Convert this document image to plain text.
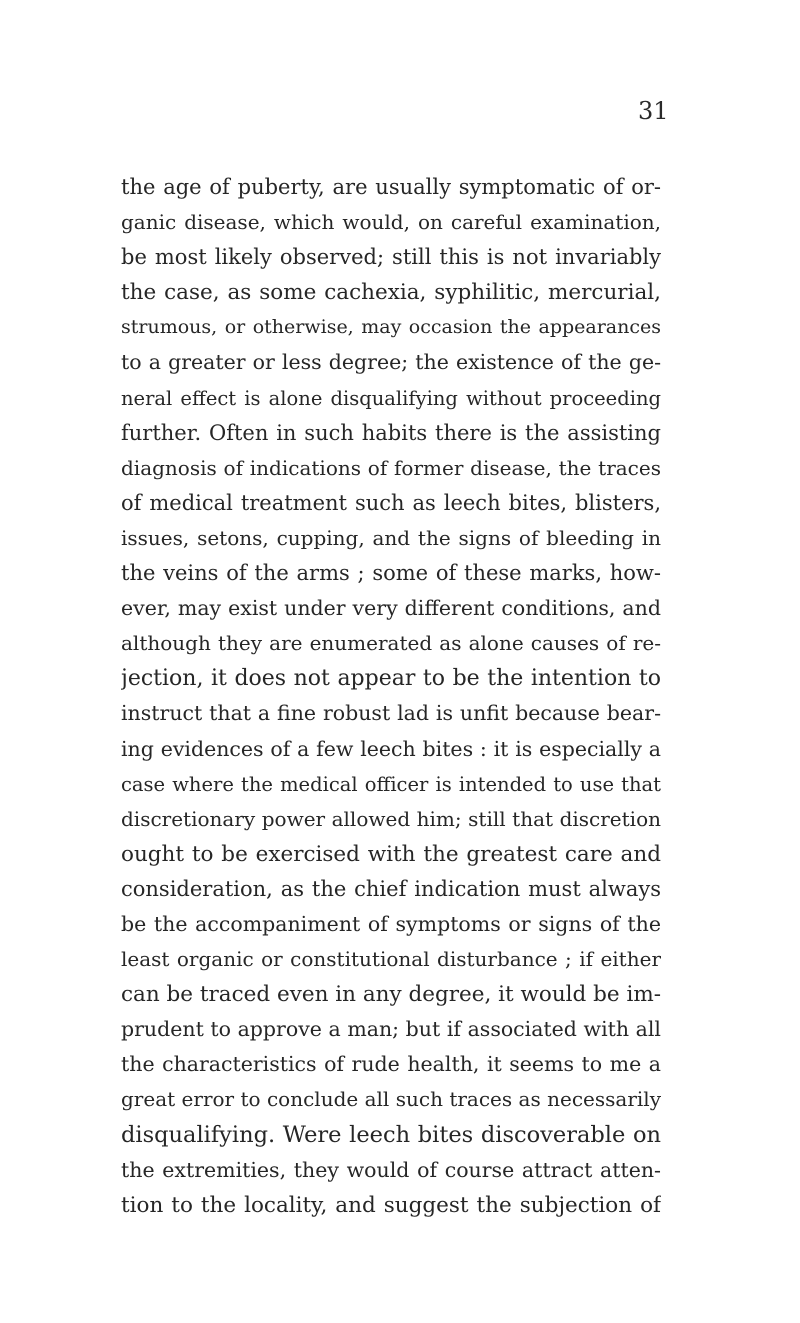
31
the age of puberty, are usually symptomatic of or-
ganic disease, which would, on careful examination,
be most likely observed; still this is not invariably
the case, as some cachexia, syphilitic, mercurial,
strumous, or otherwise, may occasion the appearances
to a greater or less degree; the existence of the ge-
neral effect is alone disqualifying without proceeding
further. Often in such habits there is the assisting
diagnosis of indications of former disease, the traces
of medical treatment such as leech bites, blisters,
issues, setons, cupping, and the signs of bleeding in
the veins of the arms ; some of these marks, how-
ever, may exist under very different conditions, and
although they are enumerated as alone causes of re-
jection, it does not appear to be the intention to
instruct that a fine robust lad is unfit because bear-
ing evidences of a few leech bites : it is especially a
case where the medical officer is intended to use that
discretionary power allowed him; still that discretion
ought to be exercised with the greatest care and
consideration, as the chief indication must always
be the accompaniment of symptoms or signs of the
least organic or constitutional disturbance ; if either
can be traced even in any degree, it would be im-
prudent to approve a man; but if associated with all
the characteristics of rude health, it seems to me a
great error to conclude all such traces as necessarily
disqualifying. Were leech bites discoverable on
the extremities, they would of course attract atten-
tion to the locality, and suggest the subjection of
